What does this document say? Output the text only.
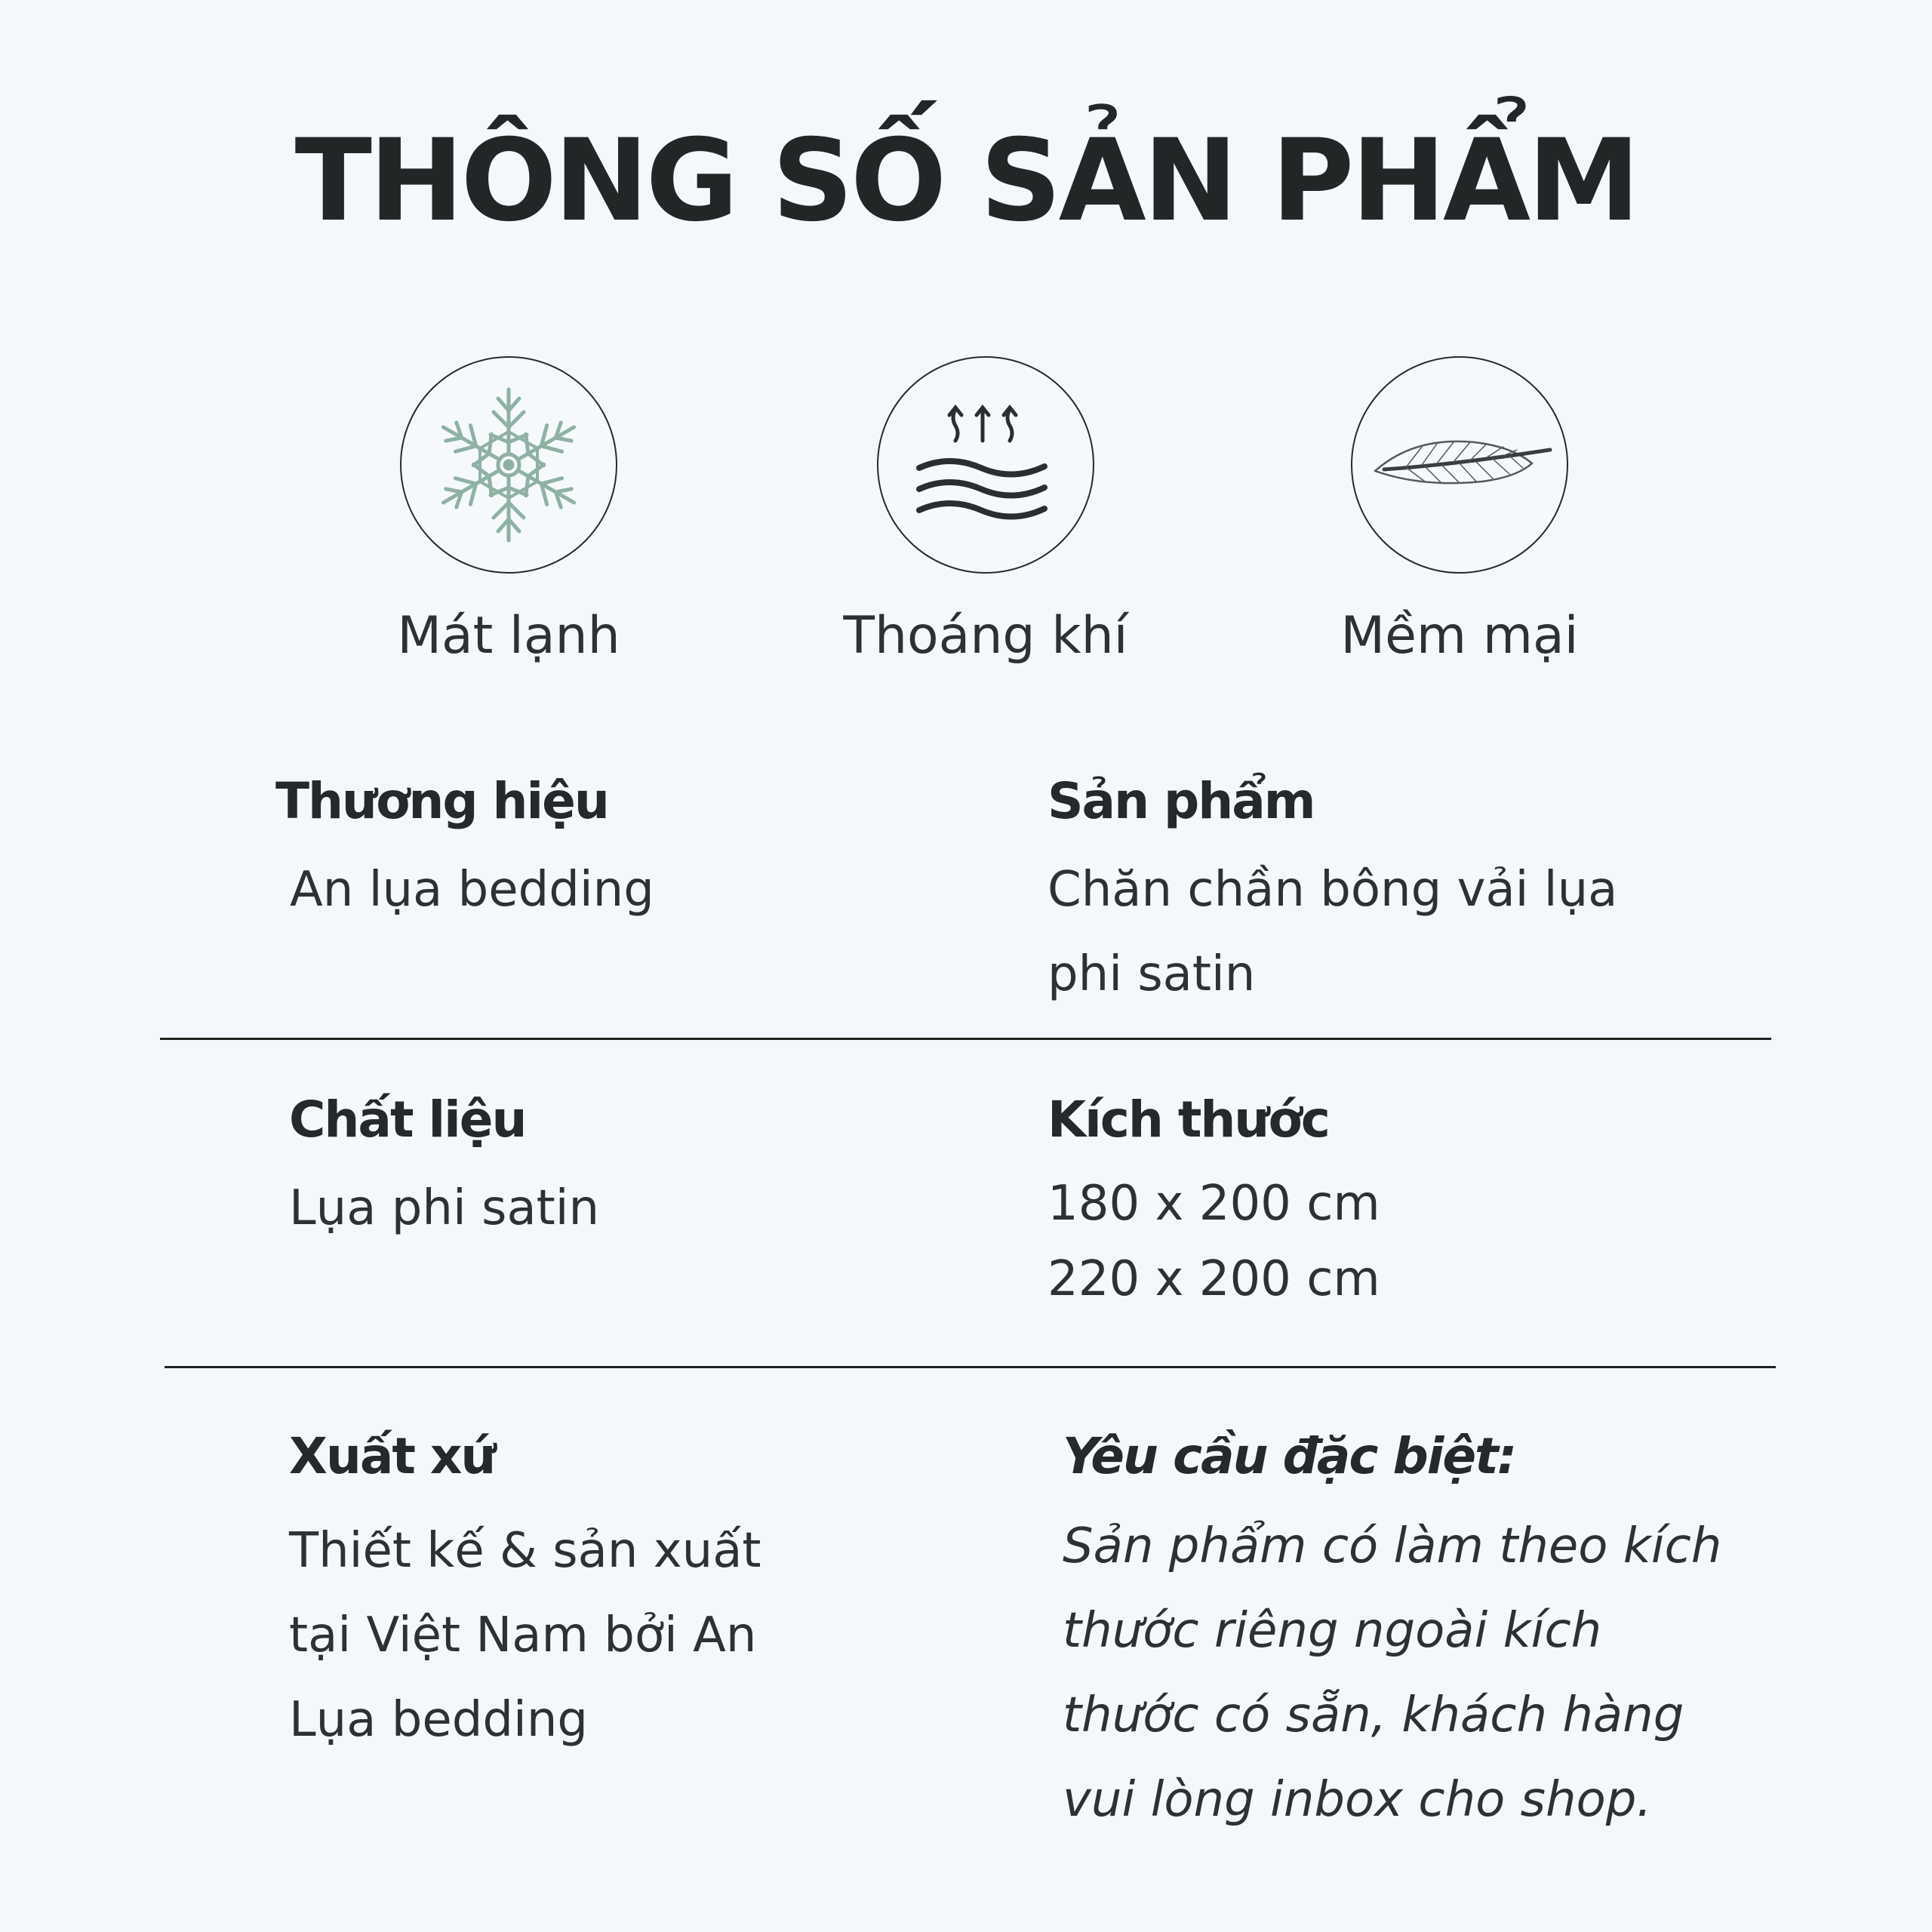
THÔNG SỐ SẢN PHẨM
Mát lạnh	Thoáng khí	Mềm mại
Thương hiệu
An lụa bedding
Sản phẩm
Chăn chần bông vải lụa
phi satin
Chất liệu
Lụa phi satin
Kích thước
180 x 200 cm
220 x 200 cm
Xuất xứ
Thiết kế & sản xuất
tại Việt Nam bởi An
Lụa bedding
Yêu cầu đặc biệt:
Sản phẩm có làm theo kích
thước riêng ngoài kích
thước có sẵn, khách hàng
vui lòng inbox cho shop.
